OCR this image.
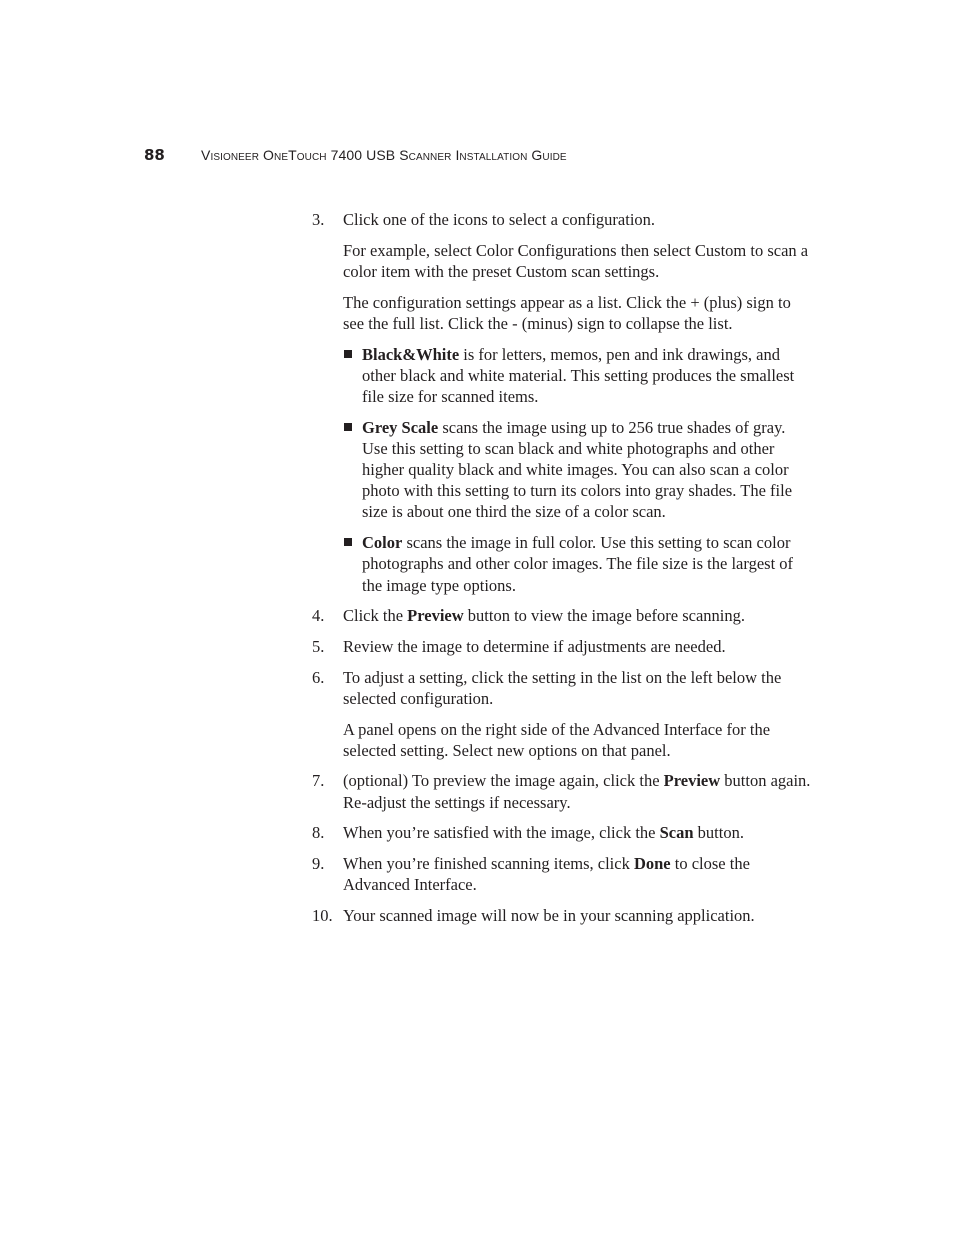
88	Visioneer OneTouch 7400 USB Scanner Installation Guide
3.	Click one of the icons to select a configuration.

For example, select Color Configurations then select Custom to scan a color item with the preset Custom scan settings.

The configuration settings appear as a list. Click the + (plus) sign to see the full list. Click the - (minus) sign to collapse the list.

Black&White is for letters, memos, pen and ink drawings, and other black and white material. This setting produces the smallest file size for scanned items.
Grey Scale scans the image using up to 256 true shades of gray. Use this setting to scan black and white photographs and other higher quality black and white images. You can also scan a color photo with this setting to turn its colors into gray shades. The file size is about one third the size of a color scan.
Color scans the image in full color. Use this setting to scan color photographs and other color images. The file size is the largest of the image type options.
4.	Click the Preview button to view the image before scanning.
5.	Review the image to determine if adjustments are needed.
6.	To adjust a setting, click the setting in the list on the left below the selected configuration.

A panel opens on the right side of the Advanced Interface for the selected setting. Select new options on that panel.

7.	(optional) To preview the image again, click the Preview button again. Re-adjust the settings if necessary.
8.	When you’re satisfied with the image, click the Scan button.
9.	When you’re finished scanning items, click Done to close the Advanced Interface.
10. Your scanned image will now be in your scanning application.
